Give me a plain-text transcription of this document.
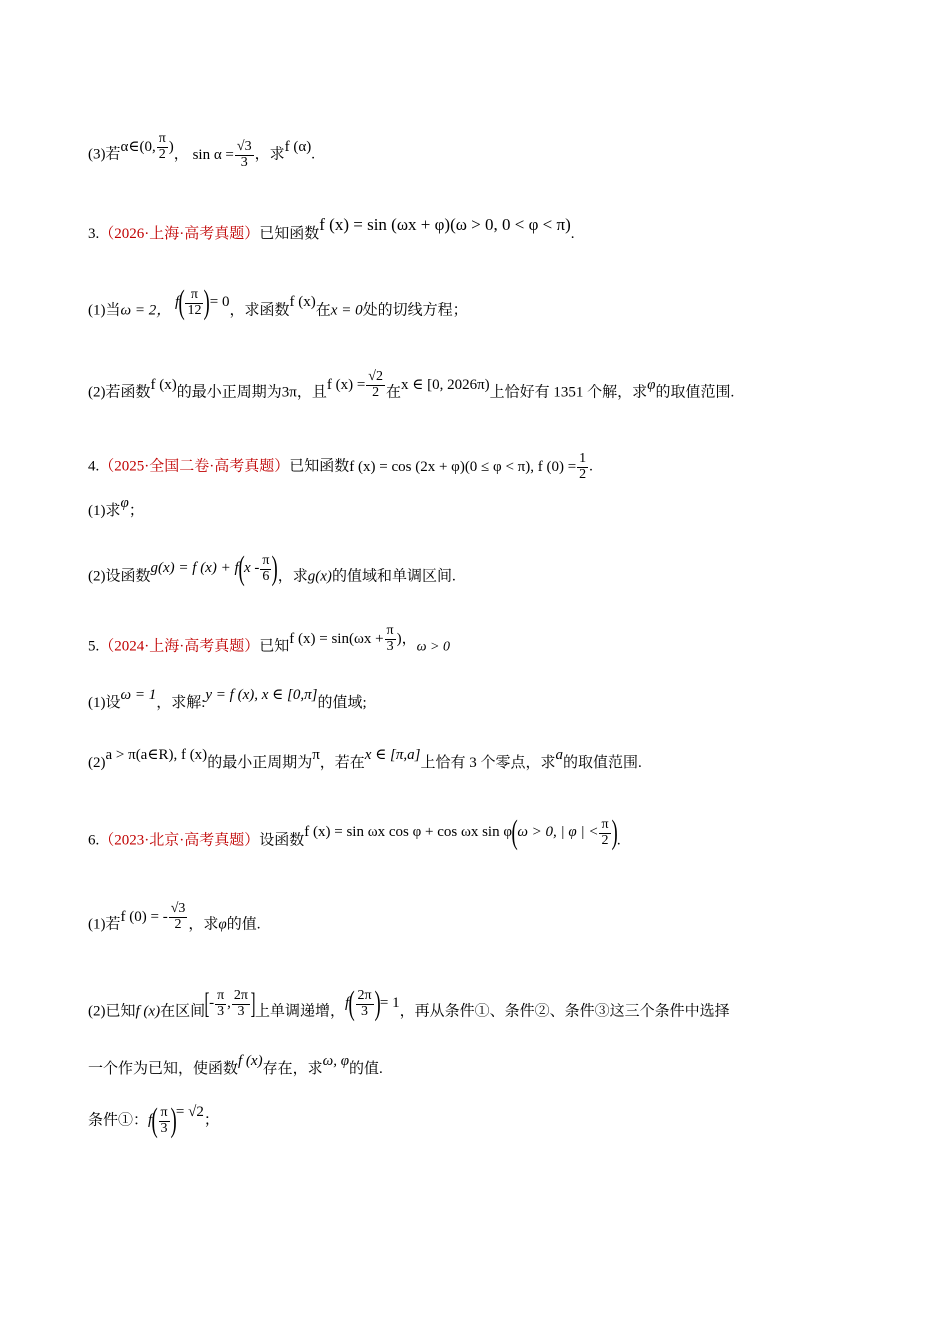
(3)若α∈(0, $\frac{\pi}{2}$ )， $\sin \alpha = \frac{√3}{3}$ ，求f (α).
3.（2026·上海·高考真题）已知函数f (x) = sin (ωx + φ)(ω > 0, 0 < φ < π).
(1)当ω = 2， $f( \frac{\pi}{12}$ )= 0，求函数f (x)在x = 0处的切线方程；
(2)若函数f (x)的最小正周期为3π，且f $(x) = \frac{√2}{2}$ 在x ∈ [0, 2026π)上恰好有 1351 个解，求φ的取值范围.
4.（2025·全国二卷·高考真题）已知函数f (x) = cos (2x + φ)(0 ≤ φ < π), f $(0) = \frac{1}{2}$ .
(1)求φ；
(2)设函数g(x) = f $(x) + f(x - \frac{\pi}{6}$ )，求g(x)的值域和单调区间.
5.（2024·上海·高考真题）已知f $(x) = \sin(\omega x + \frac{\pi}{3}$ )，ω > 0
(1)设ω = 1，求解:y = f (x), x ∈ [0,π]的值域;
(2)a > π(a∈R), f (x)的最小正周期为π，若在x ∈ [π,a]上恰有 3 个零点，求a的取值范围.
6.（2023·北京·高考真题）设函数f (x) = sin ωx cos φ + cos ωx sin φ(ω > 0, | φ | < $\frac{\pi}{2}$ ).
(1)若f (0) = - $\frac{√3}{2}$ ，求φ的值.
(2)已知f (x)在区间[- $\frac{\pi}{3}$ , $\frac{2\pi}{3}$ ]上单调递增，$f( \frac{2\pi}{3}$ )= 1，再从条件①、条件②、条件③这三个条件中选择
一个作为已知，使函数f (x)存在，求ω, φ的值.
条件①：$f( \frac{\pi}{3}$ )= √2；
